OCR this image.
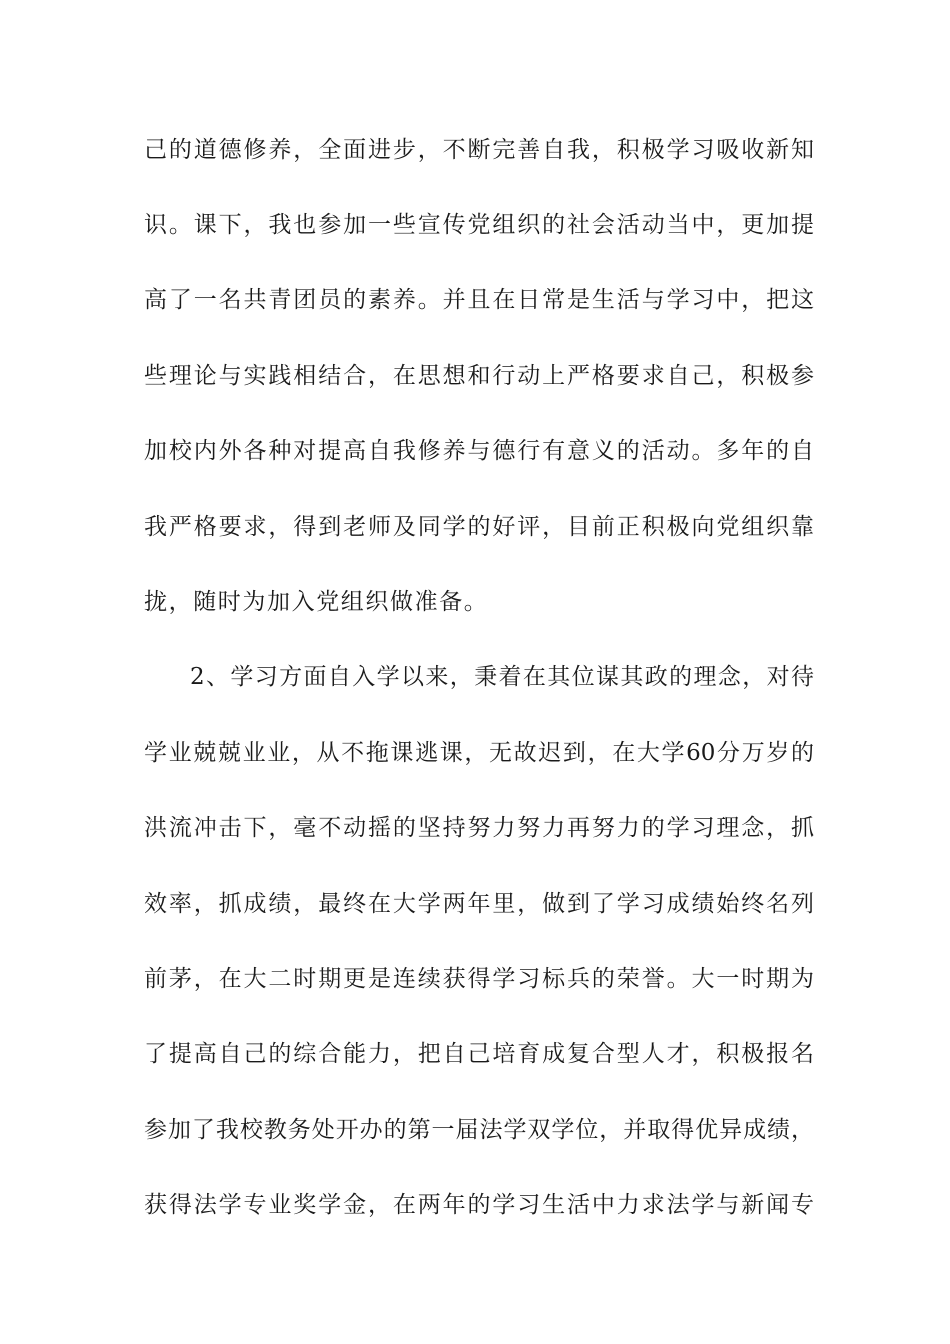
己的道德修养，全面进步，不断完善自我，积极学习吸收新知
识。课下，我也参加一些宣传党组织的社会活动当中，更加提
高了一名共青团员的素养。并且在日常是生活与学习中，把这
些理论与实践相结合，在思想和行动上严格要求自己，积极参
加校内外各种对提高自我修养与德行有意义的活动。多年的自
我严格要求，得到老师及同学的好评，目前正积极向党组织靠
拢，随时为加入党组织做准备。
2、学习方面自入学以来，秉着在其位谋其政的理念，对待
学业兢兢业业，从不拖课逃课，无故迟到，在大学60分万岁的
洪流冲击下，毫不动摇的坚持努力努力再努力的学习理念，抓
效率，抓成绩，最终在大学两年里，做到了学习成绩始终名列
前茅，在大二时期更是连续获得学习标兵的荣誉。大一时期为
了提高自己的综合能力，把自己培育成复合型人才，积极报名
参加了我校教务处开办的第一届法学双学位，并取得优异成绩，
获得法学专业奖学金，在两年的学习生活中力求法学与新闻专
